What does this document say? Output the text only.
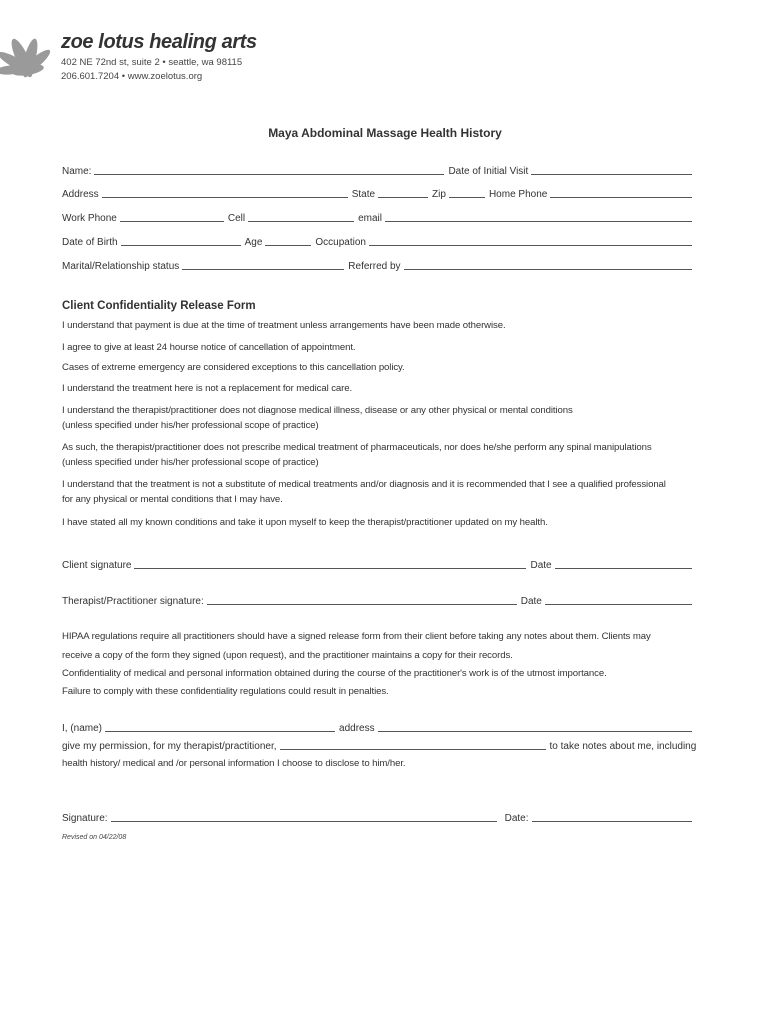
zoe lotus healing arts
402 NE 72nd st, suite 2 • seattle, wa 98115
206.601.7204 • www.zoelotus.org
Maya Abdominal Massage Health History
Name:	Date of Initial Visit
Address	State	Zip	Home Phone
Work Phone	Cell	email
Date of Birth	Age	Occupation
Marital/Relationship status	Referred by
Client Confidentiality Release Form
I understand that payment is due at the time of treatment unless arrangements have been made otherwise.
I agree to give at least 24 hourse notice of cancellation of appointment.
Cases of extreme emergency are considered exceptions to this cancellation policy.
I understand the treatment here is not a replacement for medical care.
I understand the therapist/practitioner does not diagnose medical illness, disease or any other physical or mental conditions
(unless specified under his/her professional scope of practice)
As such, the therapist/practitioner does not prescribe medical treatment of pharmaceuticals, nor does he/she perform any spinal manipulations
(unless specified under his/her professional scope of practice)
I understand that the treatment is not a substitute of medical treatments and/or diagnosis and it is recommended that I see a qualified professional
for any physical or mental conditions that I may have.
I have stated all my known conditions and take it upon myself to keep the therapist/practitioner updated on my health.
Client signature	Date
Therapist/Practitioner signature:	Date
HIPAA regulations require all practitioners should have a signed release form from their client before taking any notes about them. Clients may
receive a copy of the form they signed (upon request), and the practitioner maintains a copy for their records.
Confidentiality of medical and personal information obtained during the course of the practitioner's work is of the utmost importance.
Failure to comply with these confidentiality regulations could result in penalties.
I, (name)	address
give my permission, for my therapist/practitioner,	to take notes about me, including
health history/ medical and /or personal information I choose to disclose to him/her.
Signature:	Date:
Revised on 04/22/08
